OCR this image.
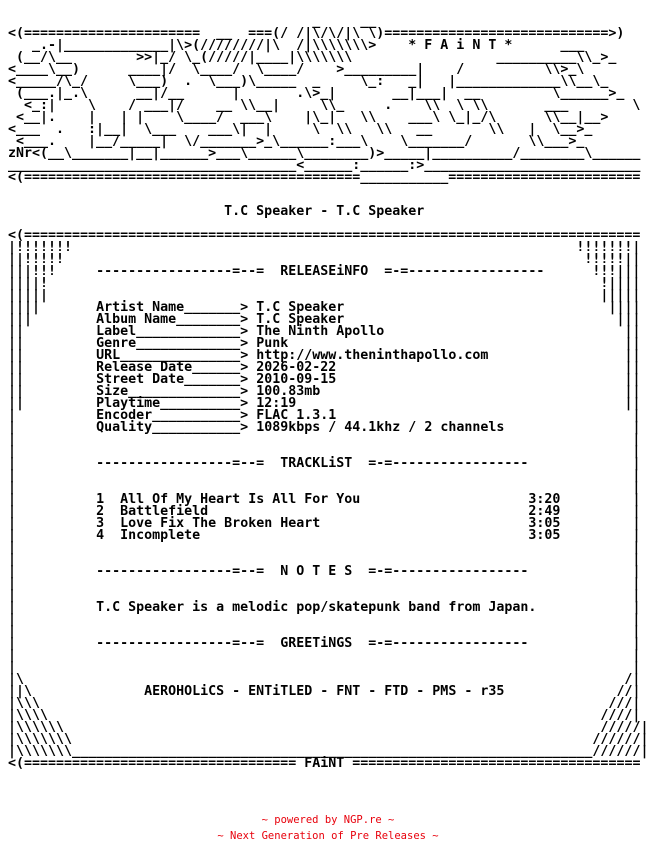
_     __
<(======================  __  ===(/ /|\/\/|\ \)============================>)
_.-|_____________|\>(////////|\  /|\\\\\\\>    * F A i N T *      ___
(__/\__        >>|_/ \_(/////|____|\\\\\\\                  __________\\_>_
<____\__)      ____|/  \____/  \____/    >_________|    /          \\>_\
<_____/\_/     \___)  .  \___)\_____  _     \_:   _|   |_____________\\__\_
(___.|_.\      __|/__      |       .\>_|       __|___|  __         \______>_
<_:|    \    / ___|/    __ \\__|     \\_     .    \\  \ \\       ___        \
<__|.    |   | |    \____/  ___\    |\_|   \\    ___\ \_|_/\      \\__|__>
<___  .   :|__|  \___    ___\|  |     \  \\   \\   __       \\   |  \__>_
<___.    |__/_____|  \/_______>_\______:___\    \_______/       \\___>_
zNr<(__\_______|__|______>___\______\________)>_____|__________/________\______
____________________________________<______:______:>___________________________
<(==========================================___________========================

T.C Speaker - T.C Speaker

<(=============================================================================
|!!!!!!!	!!!!!!!|
||!!!!!	!!!!!||
|||!!!     -----------------=--=  RELEASEiNFO  =-=-----------------      !!!|||
||||!	!||||
|||||	|||||
||||       Artist Name_______> T.C Speaker	||||
|||        Album Name________> T.C Speaker	|||
||         Label_____________> The Ninth Apollo	||
||         Genre_____________> Punk	||
||         URL_______________> http://www.theninthapollo.com	||
||         Release Date______> 2026-02-22	||
||         Street Date_______> 2010-09-15	||
||         Size______________> 100.83mb	||
||         Playtime__________> 12:19	||
|          Encoder___________> FLAC 1.3.1	|
|          Quality___________> 1089kbps / 44.1khz / 2 channels	|
|	|
|	|
|          -----------------=--=  TRACKLiST  =-=-----------------	|
|	|
|	|
|          1 All Of My Heart Is All For You	3:20	|
|          2 Battlefield	2:49	|
|          3 Love Fix The Broken Heart	3:05	|
|          4 Incomplete	3:05	|
|	|
|	|
|          -----------------=--=  N O T E S  =-=-----------------	|
|	|
|	|
|          T.C Speaker is a melodic pop/skatepunk band from Japan.	|
|	|
|	|
|          -----------------=--=  GREETiNGS  =-=-----------------	|
|	|
|	|
|\	/|
||\	AEROHOLiCS - ENTiTLED - FNT - FTD - PMS - r35	//|
|\\\	///|
|\\\\	////|
|\\\\\\	/////|
|\\\\\\\	//////|
|\\\\\\\_________________________________________________________________//////|
<(================================== FAiNT ====================================

~ powered by NGP.re ~
~ Next Generation of Pre Releases ~
